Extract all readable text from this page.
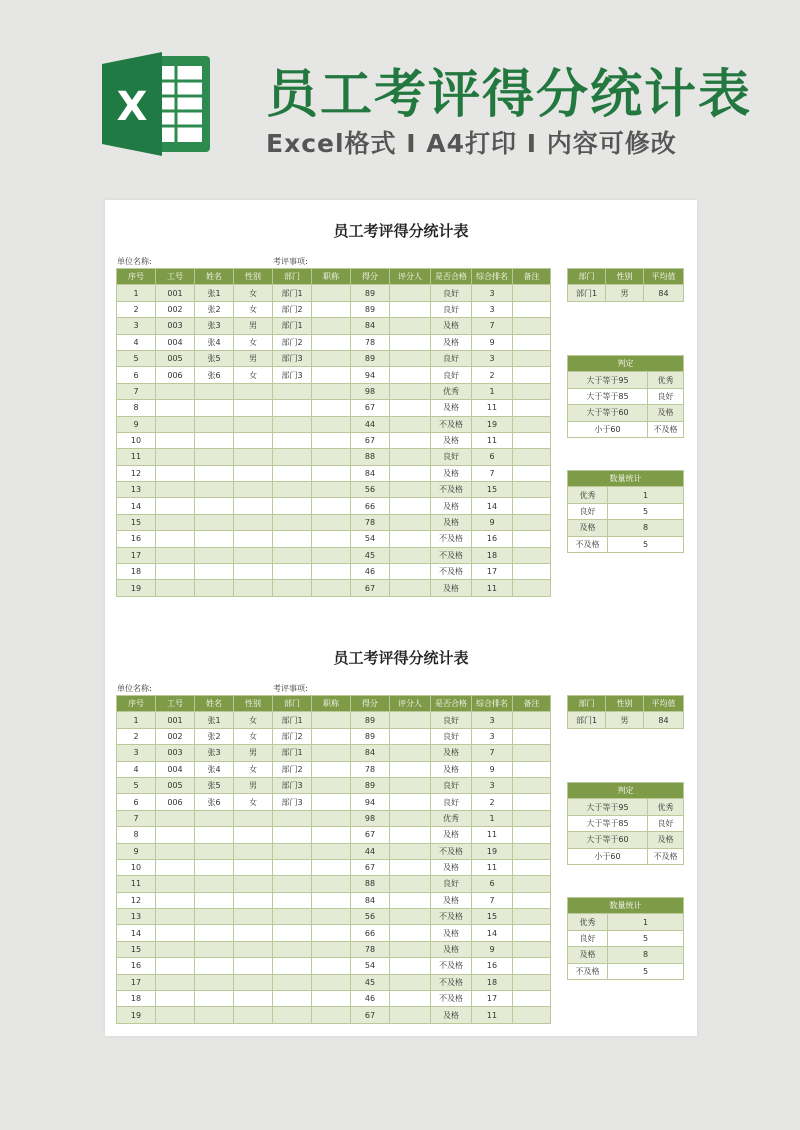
X 员工考评得分统计表
Excel格式 I A4打印 I 内容可修改
员工考评得分统计表
单位名称:	考评事项:
序号	工号	姓名	性别	部门	职称	得分	评分人	是否合格	综合排名	备注
1	001	张1	女	部门1		89		良好	3	
2	002	张2	女	部门2		89		良好	3	
3	003	张3	男	部门1		84		及格	7	
4	004	张4	女	部门2		78		及格	9	
5	005	张5	男	部门3		89		良好	3	
6	006	张6	女	部门3		94		良好	2	
7						98		优秀	1	
8						67		及格	11	
9						44		不及格	19	
10						67		及格	11	
11						88		良好	6	
12						84		及格	7	
13						56		不及格	15	
14						66		及格	14	
15						78		及格	9	
16						54		不及格	16	
17						45		不及格	18	
18						46		不及格	17	
19						67		及格	11	
部门	性别	平均值
部门1	男	84
判定	
大于等于95	优秀
大于等于85	良好
大于等于60	及格
小于60	不及格
数量统计	
优秀	1
良好	5
及格	8
不及格	5
员工考评得分统计表
单位名称:	考评事项:
序号	工号	姓名	性别	部门	职称	得分	评分人	是否合格	综合排名	备注
1	001	张1	女	部门1		89		良好	3	
2	002	张2	女	部门2		89		良好	3	
3	003	张3	男	部门1		84		及格	7	
4	004	张4	女	部门2		78		及格	9	
5	005	张5	男	部门3		89		良好	3	
6	006	张6	女	部门3		94		良好	2	
7						98		优秀	1	
8						67		及格	11	
9						44		不及格	19	
10						67		及格	11	
11						88		良好	6	
12						84		及格	7	
13						56		不及格	15	
14						66		及格	14	
15						78		及格	9	
16						54		不及格	16	
17						45		不及格	18	
18						46		不及格	17	
19						67		及格	11	
部门	性别	平均值
部门1	男	84
判定	
大于等于95	优秀
大于等于85	良好
大于等于60	及格
小于60	不及格
数量统计	
优秀	1
良好	5
及格	8
不及格	5
